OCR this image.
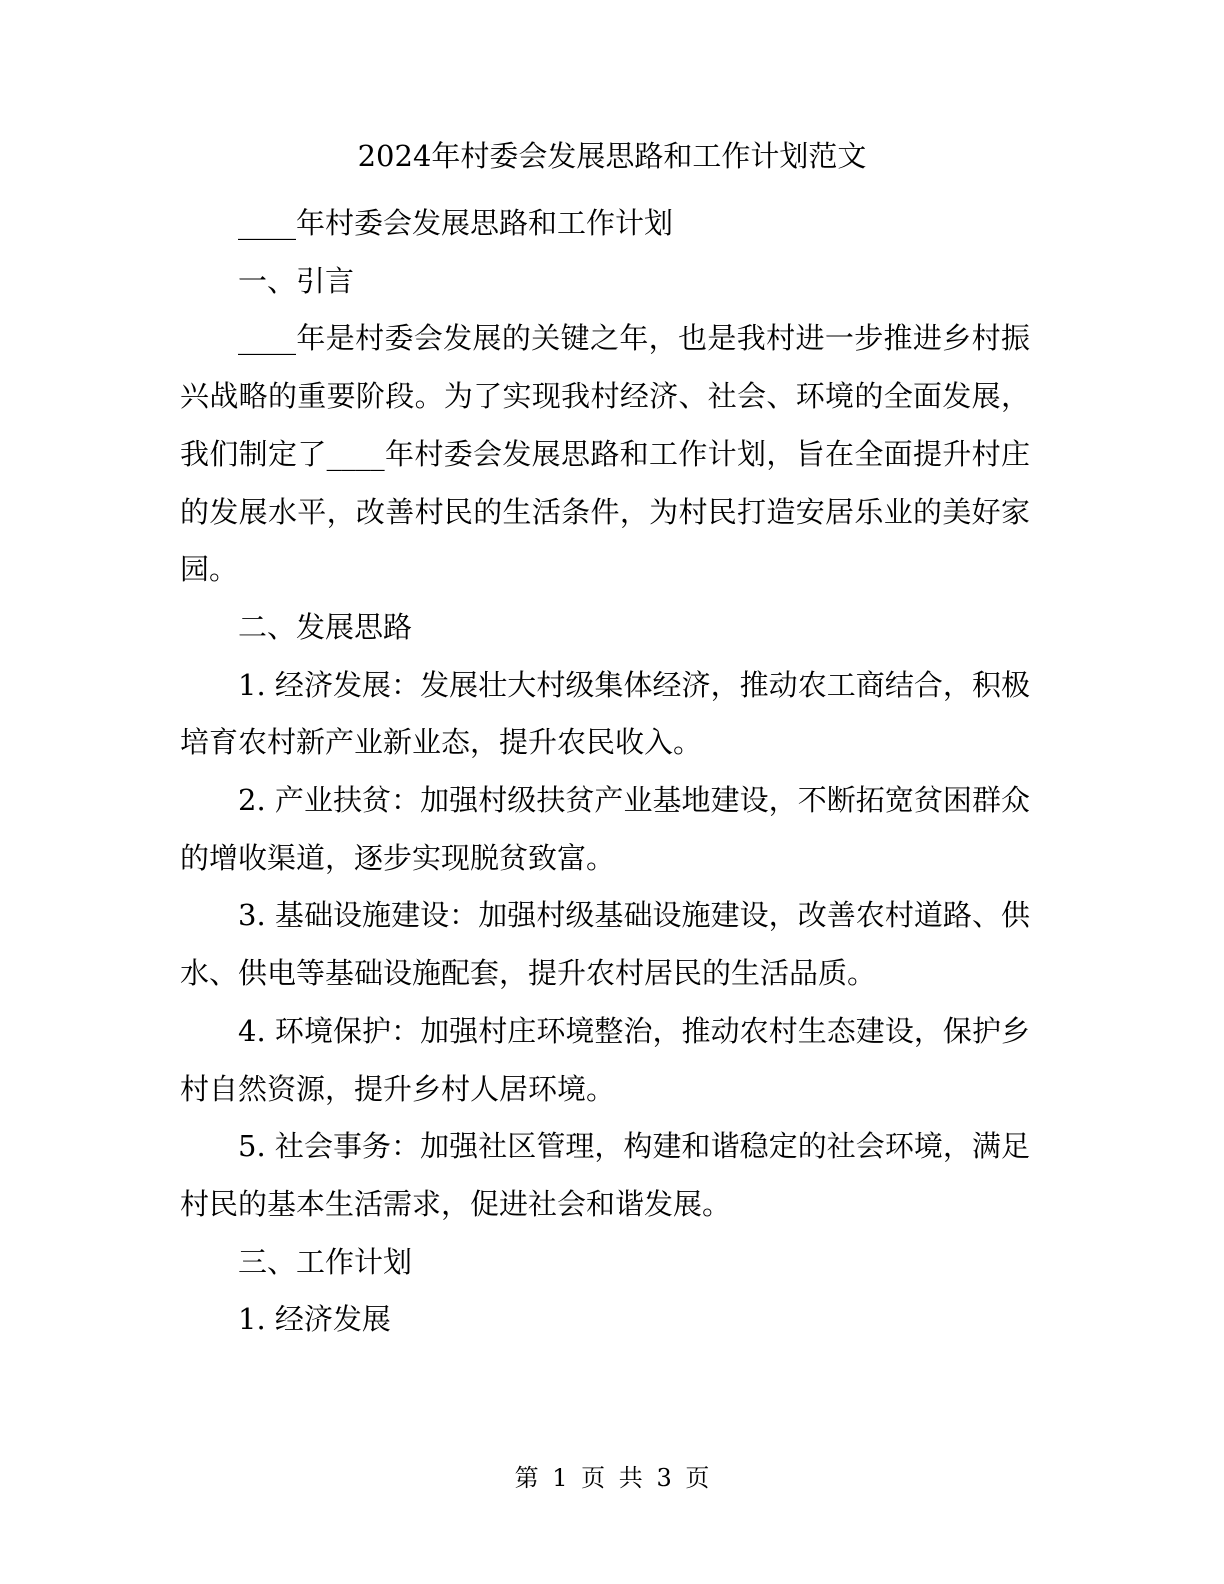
2024年村委会发展思路和工作计划范文

____年村委会发展思路和工作计划

一、引言

____年是村委会发展的关键之年，也是我村进一步推进乡村振兴战略的重要阶段。为了实现我村经济、社会、环境的全面发展，我们制定了____年村委会发展思路和工作计划，旨在全面提升村庄的发展水平，改善村民的生活条件，为村民打造安居乐业的美好家园。

二、发展思路

1. 经济发展：发展壮大村级集体经济，推动农工商结合，积极培育农村新产业新业态，提升农民收入。

2. 产业扶贫：加强村级扶贫产业基地建设，不断拓宽贫困群众的增收渠道，逐步实现脱贫致富。

3. 基础设施建设：加强村级基础设施建设，改善农村道路、供水、供电等基础设施配套，提升农村居民的生活品质。

4. 环境保护：加强村庄环境整治，推动农村生态建设，保护乡村自然资源，提升乡村人居环境。

5. 社会事务：加强社区管理，构建和谐稳定的社会环境，满足村民的基本生活需求，促进社会和谐发展。

三、工作计划

1. 经济发展

第 1 页 共 3 页
